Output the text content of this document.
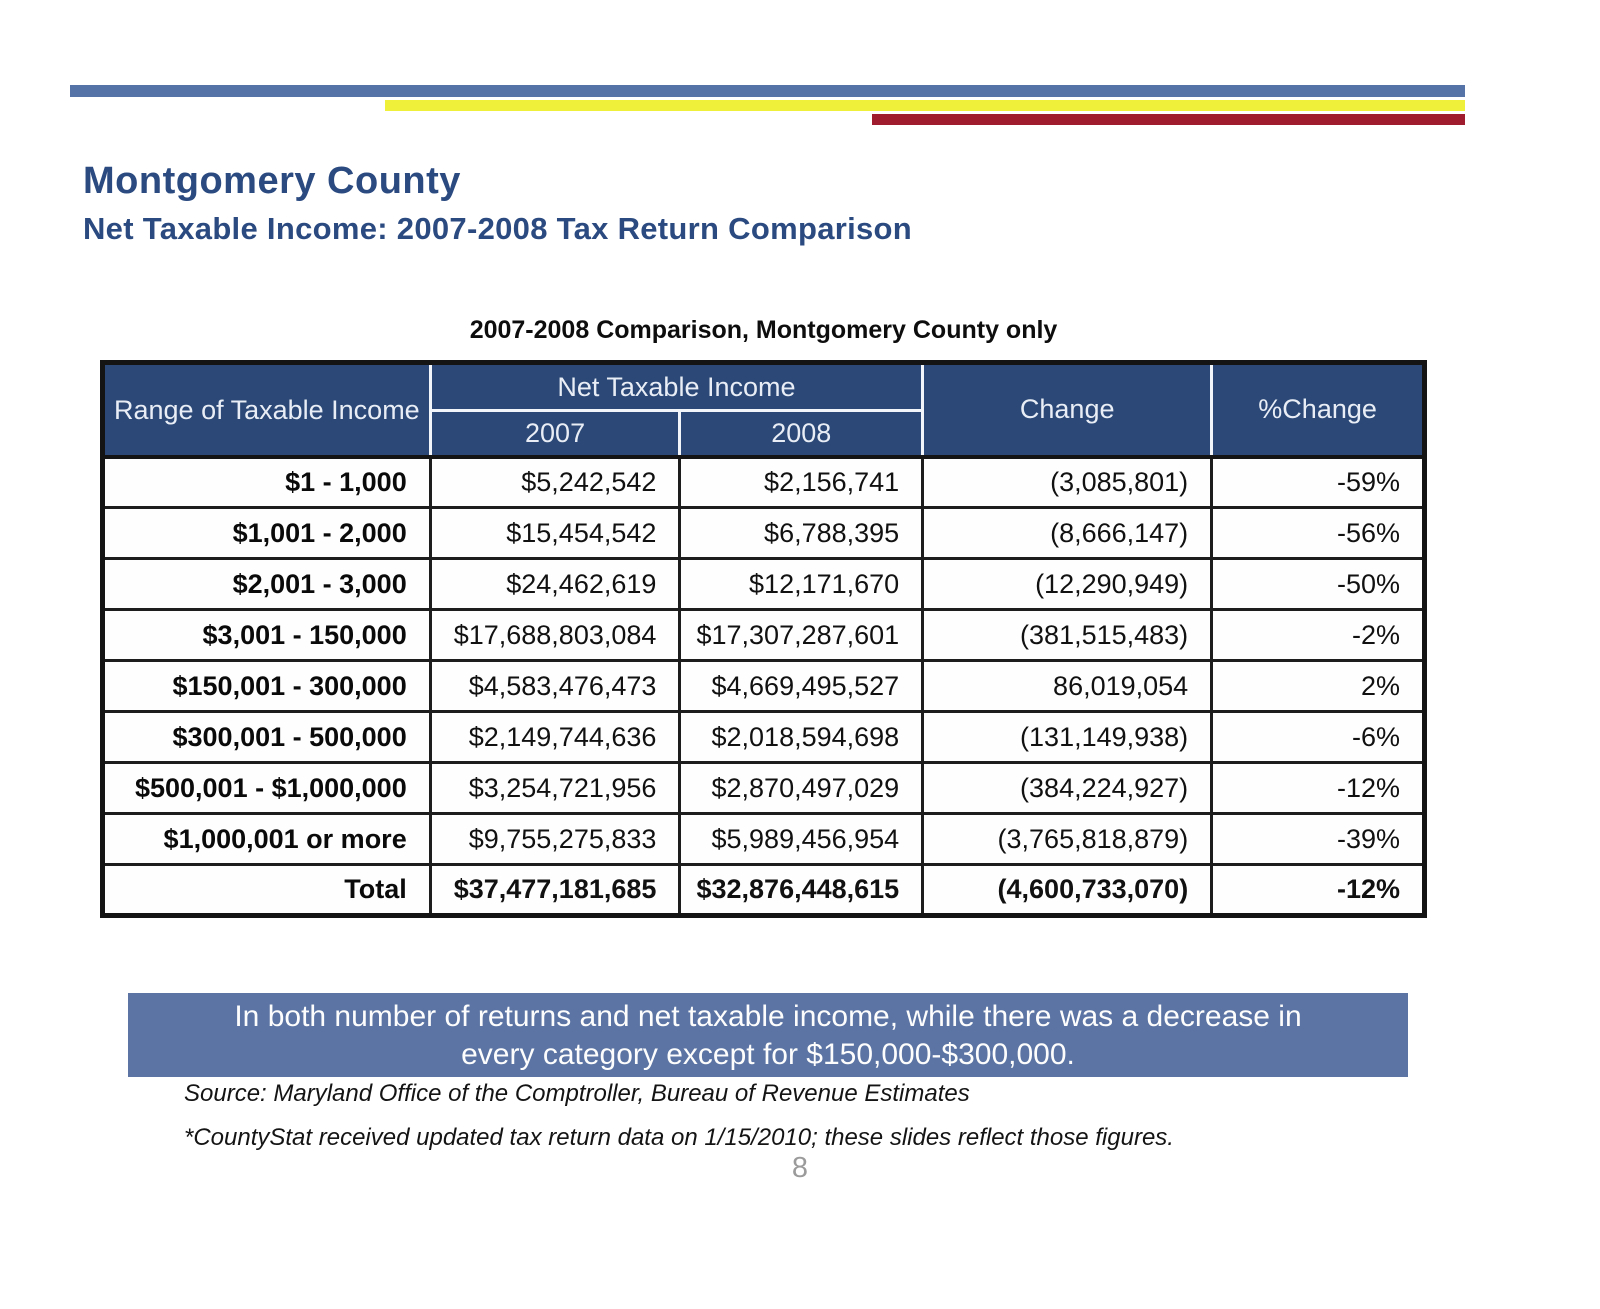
Montgomery County
Net Taxable Income: 2007-2008 Tax Return Comparison
2007-2008 Comparison, Montgomery County only
Range of Taxable Income	Net Taxable Income		Change	%Change
	2007	2008		
$1 - 1,000	$5,242,542	$2,156,741	(3,085,801)	-59%
$1,001 - 2,000	$15,454,542	$6,788,395	(8,666,147)	-56%
$2,001 - 3,000	$24,462,619	$12,171,670	(12,290,949)	-50%
$3,001 - 150,000	$17,688,803,084	$17,307,287,601	(381,515,483)	-2%
$150,001 - 300,000	$4,583,476,473	$4,669,495,527	86,019,054	2%
$300,001 - 500,000	$2,149,744,636	$2,018,594,698	(131,149,938)	-6%
$500,001 - $1,000,000	$3,254,721,956	$2,870,497,029	(384,224,927)	-12%
$1,000,001 or more	$9,755,275,833	$5,989,456,954	(3,765,818,879)	-39%
Total	$37,477,181,685	$32,876,448,615	(4,600,733,070)	-12%
In both number of returns and net taxable income, while there was a decrease in
every category except for $150,000-$300,000.
Source: Maryland Office of the Comptroller, Bureau of Revenue Estimates
*CountyStat received updated tax return data on 1/15/2010; these slides reflect those figures.
8
